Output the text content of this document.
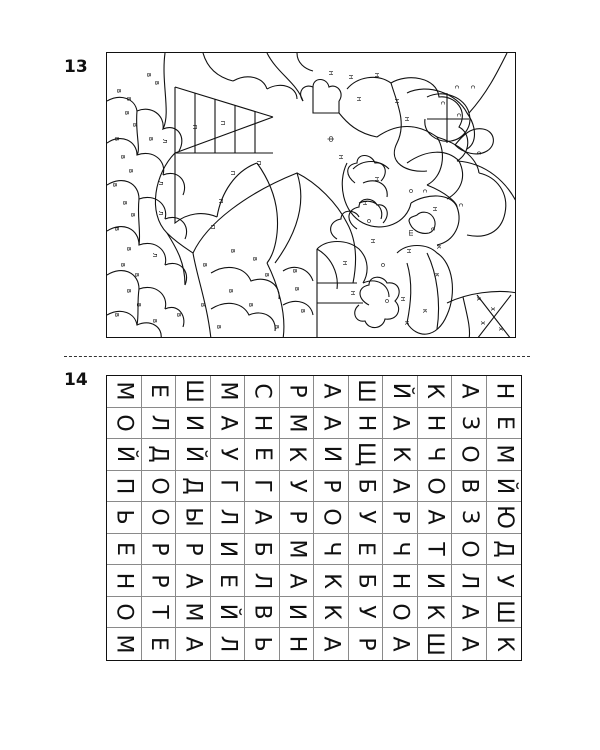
13	в
в
в
в
в
в
в	в
в
в
в
в
в
в
в
в
в
в
в
в
в
в
в
в
в
в
в
в
в
в
в
в
в
в
п
п
п
п
п
п
л
л
л
л
ф
н
н	н
н	н
н
н
н
н
н
н
н
н
н
н
с с
с
с
с
с
с
с
о
о
о
о
ш
к
к
к
к
х
х
х
х
14
М Е Ш М С Р А Ш Й К А Н
О Л И А Н М А Н А Н З Е
Й Д Й У Е К И Щ К Ч О М
П О Д Г Г У Р Б А О В Й
Ь О Ы Л А Р О У Р А З Ю
Е Р Р И Б М Ч Е Ч Т О Д
Н Р А Е Л А К Б Н И Л У
О Т М Й В И К У О К А Ш
М Е А Л Ь Н А Р А Ш А К
